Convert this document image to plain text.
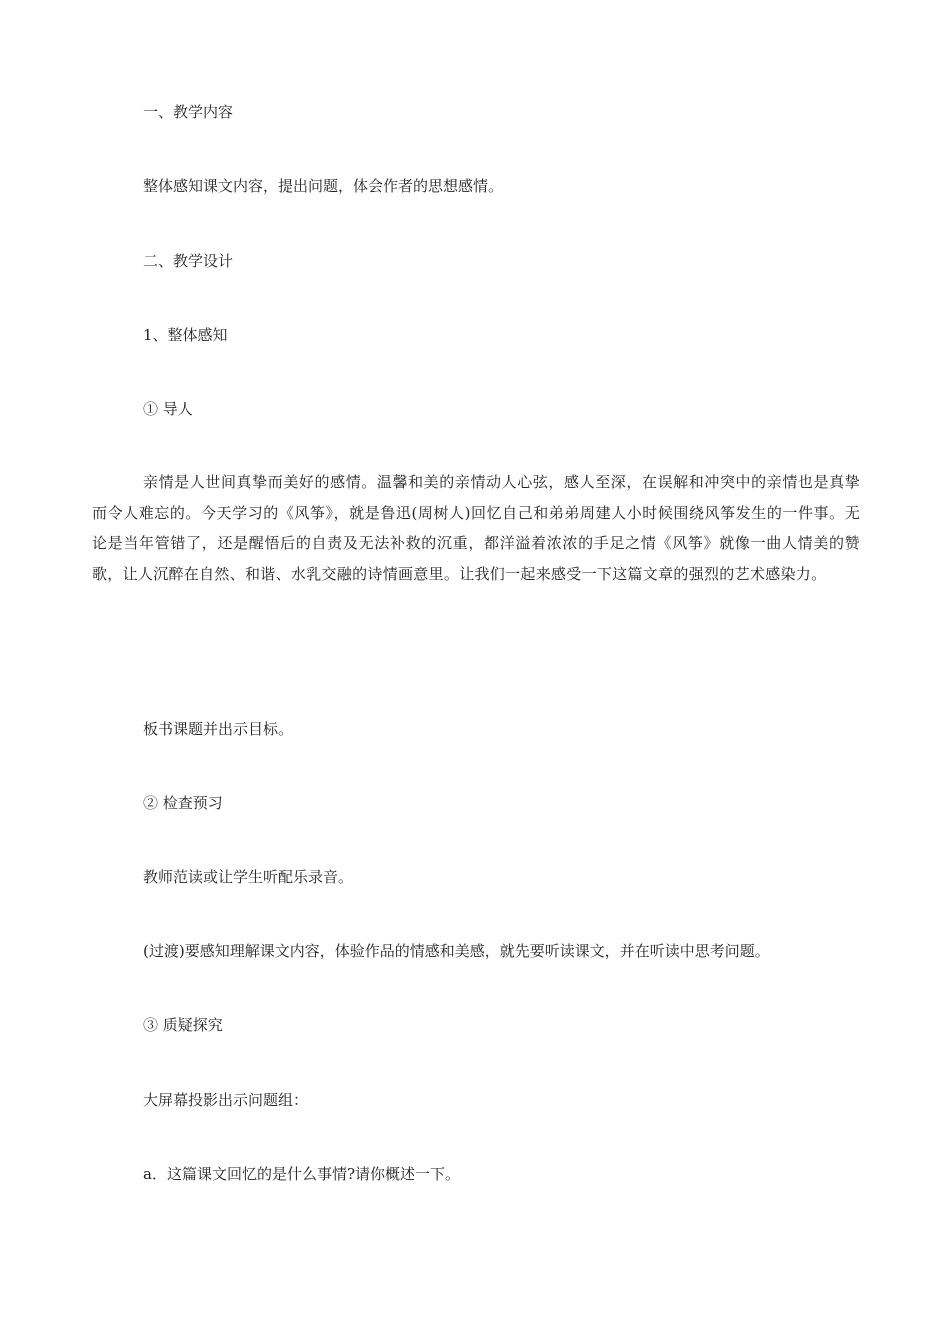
一、教学内容
整体感知课文内容，提出问题，体会作者的思想感情。
二、教学设计
1、整体感知
① 导人
亲情是人世间真挚而美好的感情。温馨和美的亲情动人心弦，感人至深，在误解和冲突中的亲情也是真挚而令人难忘的。今天学习的《风筝》，就是鲁迅(周树人)回忆自己和弟弟周建人小时候围绕风筝发生的一件事。无论是当年管错了，还是醒悟后的自责及无法补救的沉重，都洋溢着浓浓的手足之情《风筝》就像一曲人情美的赞歌，让人沉醉在自然、和谐、水乳交融的诗情画意里。让我们一起来感受一下这篇文章的强烈的艺术感染力。
板书课题并出示目标。
② 检查预习
教师范读或让学生听配乐录音。
(过渡)要感知理解课文内容，体验作品的情感和美感，就先要听读课文，并在听读中思考问题。
③ 质疑探究
大屏幕投影出示问题组：
a．这篇课文回忆的是什么事情?请你概述一下。
